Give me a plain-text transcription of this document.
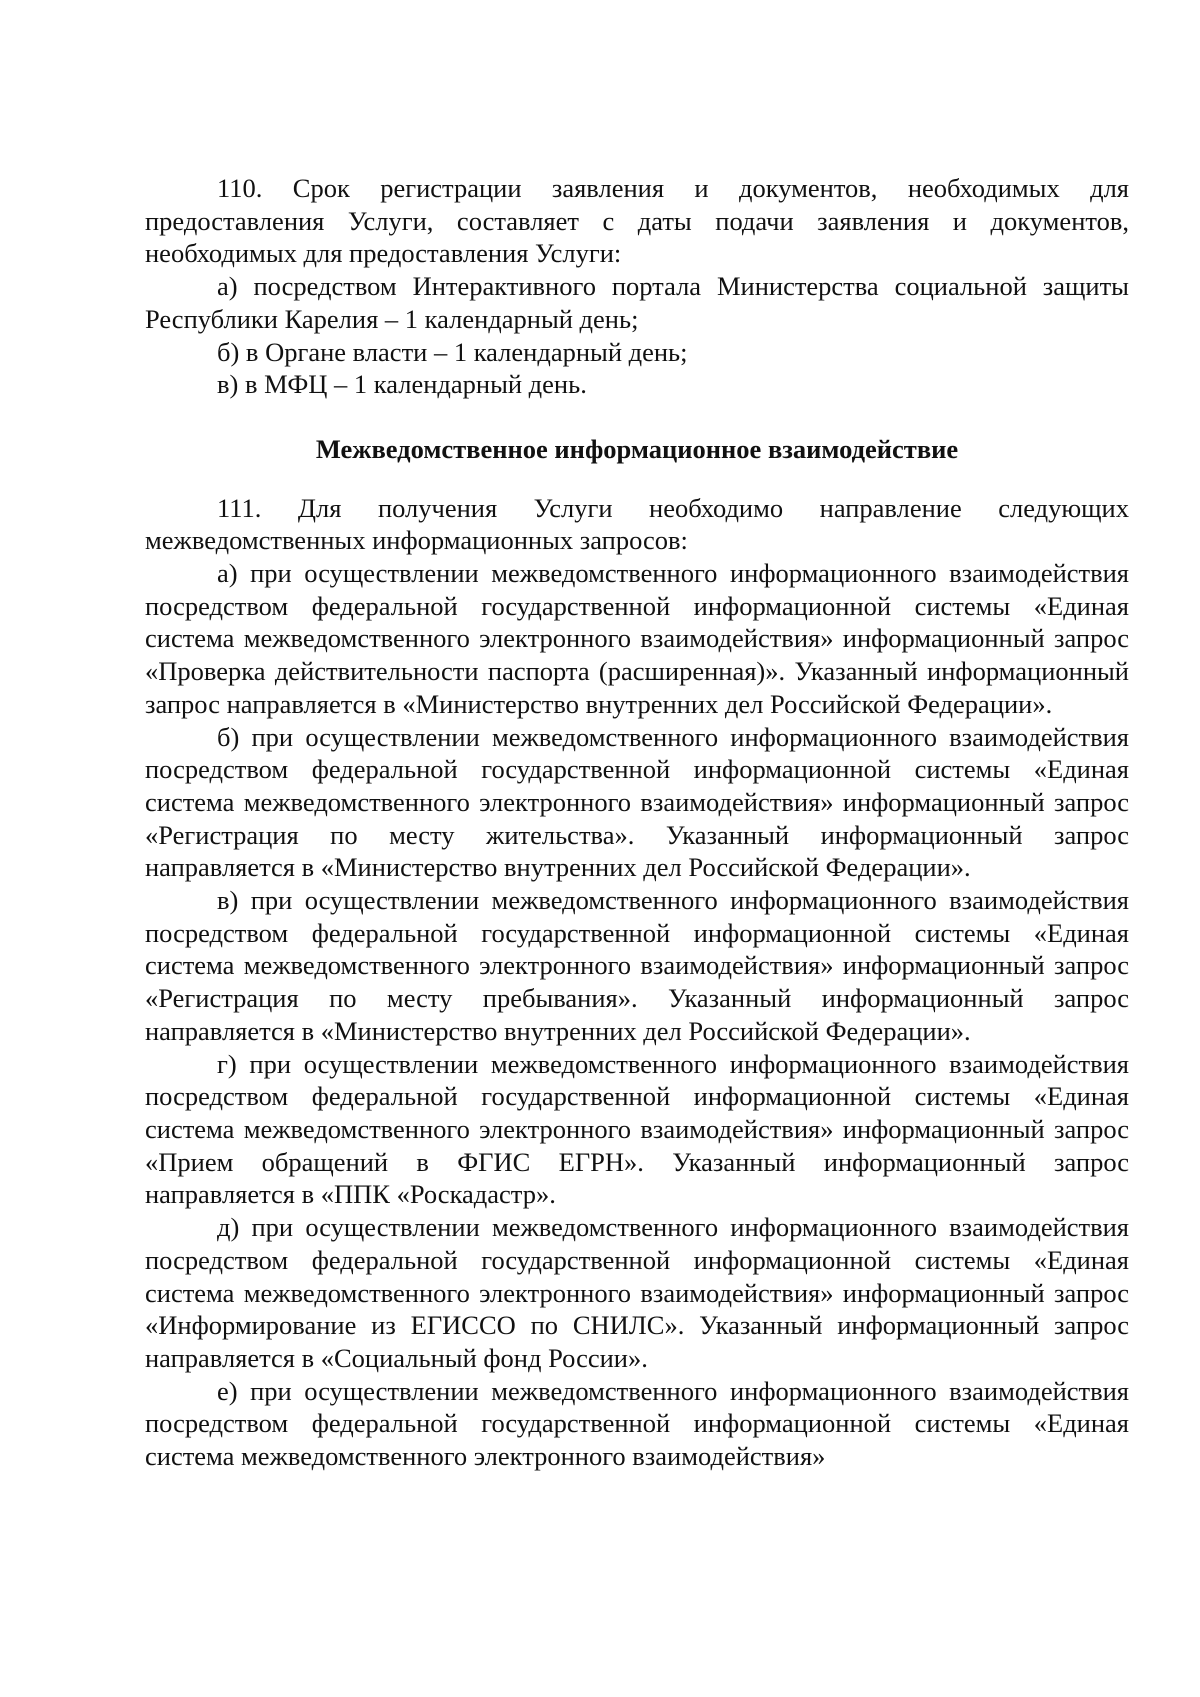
110. Срок регистрации заявления и документов, необходимых для предоставления Услуги, составляет с даты подачи заявления и документов, необходимых для предоставления Услуги:

а) посредством Интерактивного портала Министерства социальной защиты Республики Карелия – 1 календарный день;

б) в Органе власти – 1 календарный день;

в) в МФЦ – 1 календарный день.

Межведомственное информационное взаимодействие

111. Для получения Услуги необходимо направление следующих межведомственных информационных запросов:

а) при осуществлении межведомственного информационного взаимодействия посредством федеральной государственной информационной системы «Единая система межведомственного электронного взаимодействия» информационный запрос «Проверка действительности паспорта (расширенная)». Указанный информационный запрос направляется в «Министерство внутренних дел Российской Федерации».

б) при осуществлении межведомственного информационного взаимодействия посредством федеральной государственной информационной системы «Единая система межведомственного электронного взаимодействия» информационный запрос «Регистрация по месту жительства». Указанный информационный запрос направляется в «Министерство внутренних дел Российской Федерации».

в) при осуществлении межведомственного информационного взаимодействия посредством федеральной государственной информационной системы «Единая система межведомственного электронного взаимодействия» информационный запрос «Регистрация по месту пребывания». Указанный информационный запрос направляется в «Министерство внутренних дел Российской Федерации».

г) при осуществлении межведомственного информационного взаимодействия посредством федеральной государственной информационной системы «Единая система межведомственного электронного взаимодействия» информационный запрос «Прием обращений в ФГИС ЕГРН». Указанный информационный запрос направляется в «ППК «Роскадастр».

д) при осуществлении межведомственного информационного взаимодействия посредством федеральной государственной информационной системы «Единая система межведомственного электронного взаимодействия» информационный запрос «Информирование из ЕГИССО по СНИЛС». Указанный информационный запрос направляется в «Социальный фонд России».

е) при осуществлении межведомственного информационного взаимодействия посредством федеральной государственной информационной системы «Единая система межведомственного электронного взаимодействия»
